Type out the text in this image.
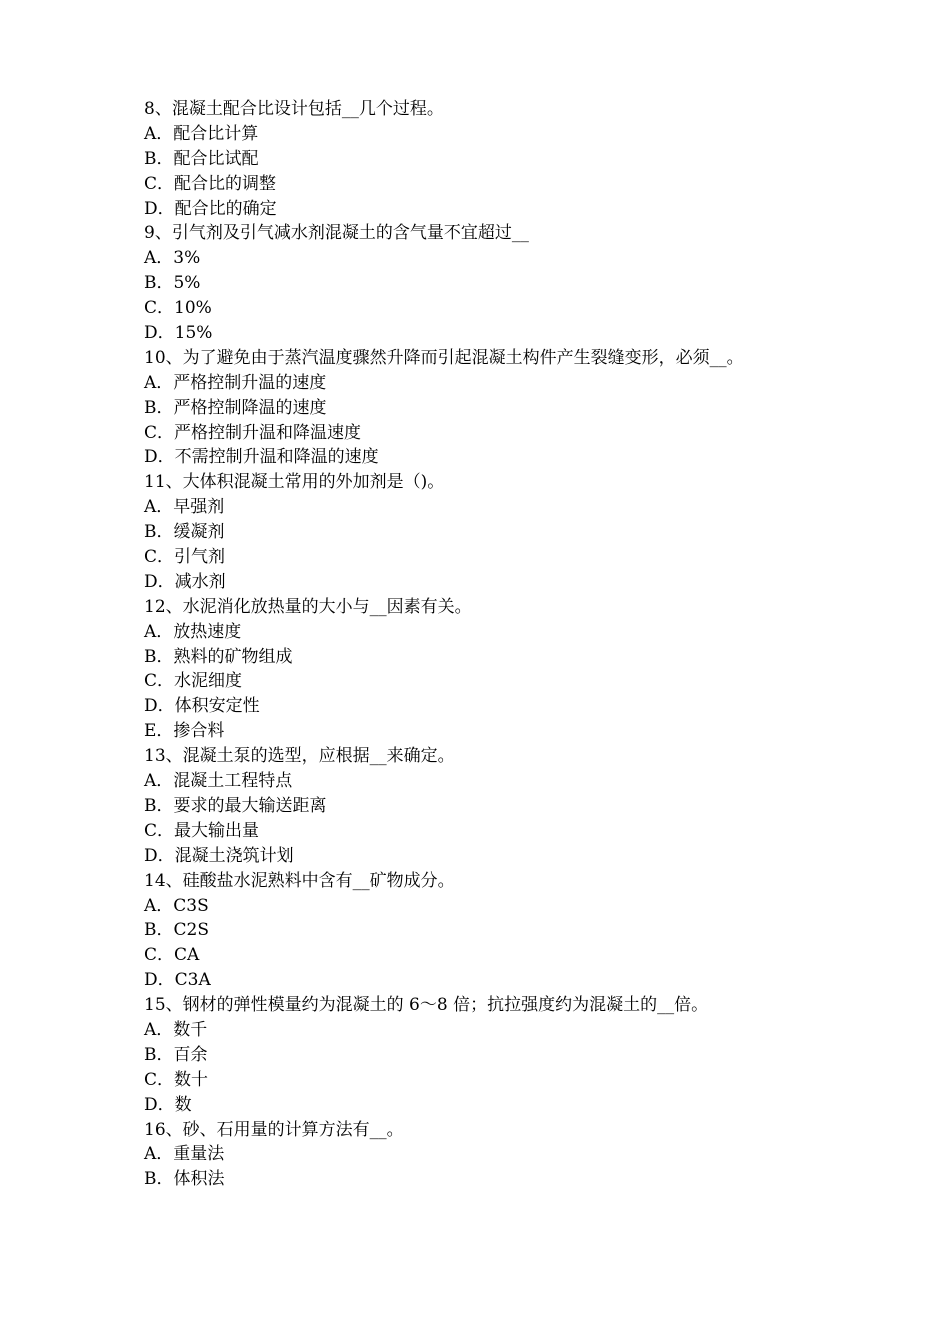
8、混凝土配合比设计包括__几个过程。
A．配合比计算
B．配合比试配
C．配合比的调整
D．配合比的确定
9、引气剂及引气减水剂混凝土的含气量不宜超过__
A．3%
B．5%
C．10%
D．15%
10、为了避免由于蒸汽温度骤然升降而引起混凝土构件产生裂缝变形，必须__。
A．严格控制升温的速度
B．严格控制降温的速度
C．严格控制升温和降温速度
D．不需控制升温和降温的速度
11、大体积混凝土常用的外加剂是（)。
A．早强剂
B．缓凝剂
C．引气剂
D．减水剂
12、水泥消化放热量的大小与__因素有关。
A．放热速度
B．熟料的矿物组成
C．水泥细度
D．体积安定性
E．掺合料
13、混凝土泵的选型，应根据__来确定。
A．混凝土工程特点
B．要求的最大输送距离
C．最大输出量
D．混凝土浇筑计划
14、硅酸盐水泥熟料中含有__矿物成分。
A．C3S
B．C2S
C．CA
D．C3A
15、钢材的弹性模量约为混凝土的 6～8 倍；抗拉强度约为混凝土的__倍。
A．数千
B．百余
C．数十
D．数
16、砂、石用量的计算方法有__。
A．重量法
B．体积法
